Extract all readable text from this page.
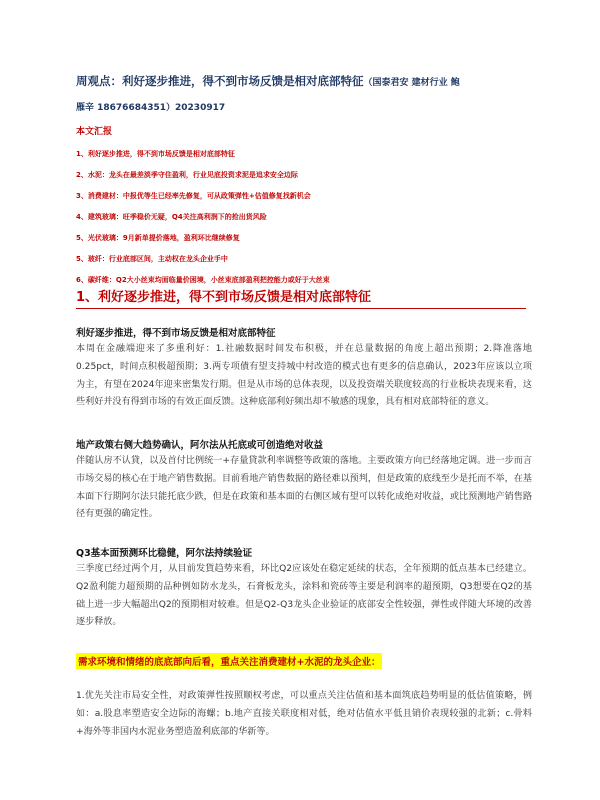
周观点：利好逐步推进，得不到市场反馈是相对底部特征（国泰君安 建材行业 鲍
雁辛 18676684351）20230917
本文汇报
1、利好逐步推进，得不到市场反馈是相对底部特征
2、水泥：龙头在最差淡季守住盈利，行业见底投资求泥是追求安全边际
3、消费建材：中报优等生已经率先修复，可从政策弹性+估值修复找新机会
4、建筑玻璃：旺季稳价无疑，Q4关注高利润下的抢出货风险
5、光伏玻璃：9月新单提价落地，盈利环比继续修复
5、玻纤：行业底部区间，主动权在龙头企业手中
6、碳纤维：Q2大小丝束均面临量价困境，小丝束底部盈利把控能力或好于大丝束
1、利好逐步推进，得不到市场反馈是相对底部特征
利好逐步推进，得不到市场反馈是相对底部特征

本周在金融端迎来了多重利好：1.社融数据时间发布积极，并在总量数据的角度上超出预期；2.降准落地0.25pct，时间点积极超预期；3.两专项債有望支持城中村改造的模式也有更多的信息确认，2023年应该以立项为主，有望在2024年迎来密集发行期。但是从市场的总体表现，以及投资端关联度较高的行业板块表现来看，这些利好并没有得到市场的有效正面反馈。这种底部利好频出却不敏感的现象，具有相对底部特征的意义。

地产政策右侧大趋势确认，阿尔法从托底或可创造绝对收益

伴随认房不认貸，以及首付比例统一+存量貸款利率调整等政策的落地。主要政策方向已经落地定调。进一步而言市场交易的核心在于地产销售数据。目前看地产销售数据的路径难以预判，但是政策的底线至少是托而不举，在基本面下行期阿尔法只能托底少跌，但是在政策和基本面的右侧区域有望可以转化成绝对收益，或比预测地产销售路径有更强的确定性。

Q3基本面预测环比稳健，阿尔法持续验证

三季度已经过两个月，从目前发貨趋势来看，环比Q2应该处在稳定延续的状态，全年预期的低点基本已经建立。Q2盈利能力超预期的品种例如防水龙头，石膏板龙头，涂料和瓷砖等主要是利润率的超预期，Q3想要在Q2的基础上进一步大幅超出Q2的预期相对较难。但是Q2-Q3龙头企业验证的底部安全性较强，弹性或伴随大环境的改善逐步释放。

需求环境和情绪的底底部向后看，重点关注消费建材+水泥的龙头企业：

1.优先关注市局安全性，对政策弹性按照顺权考虑，可以重点关注估值和基本面筑底趋势明显的低估值策略，例如：a.股息率塑造安全边际的海螺；b.地产直接关联度相对低，绝对估值水平低且销价表现较强的北新；c.骨料+海外等非国内水泥业务塑造盈利底部的华新等。
